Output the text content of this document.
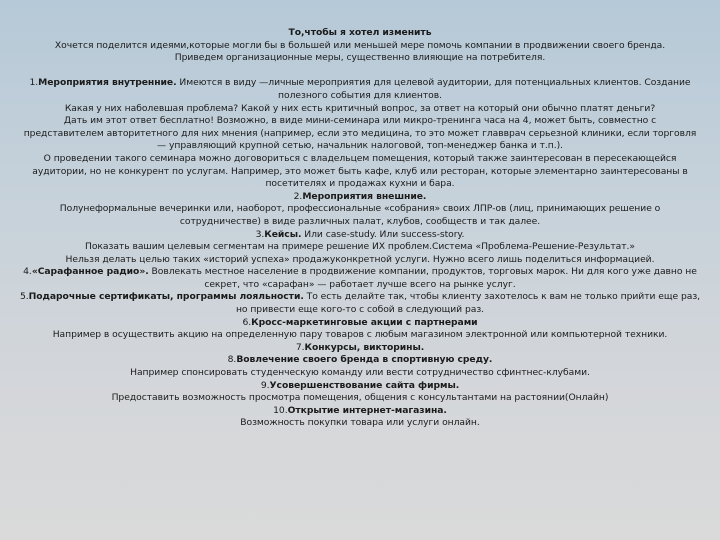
То,чтобы я хотел изменить
Хочется поделится идеями,которые могли бы в большей или меньшей мере помочь компании в продвижении своего бренда.
Приведем организационные меры, существенно влияющие на потребителя.
1.Мероприятия внутренние. Имеются в виду —личные мероприятия для целевой аудитории, для потенциальных клиентов. Создание
полезного события для клиентов.
Какая у них наболевшая проблема? Какой у них есть критичный вопрос, за ответ на который они обычно платят деньги?
Дать им этот ответ бесплатно! Возможно, в виде мини-семинара или микро-тренинга часа на 4, может быть, совместно с
представителем авторитетного для них мнения (например, если это медицина, то это может главврач серьезной клиники, если торговля
— управляющий крупной сетью, начальник налоговой, топ-менеджер банка и т.п.).
О проведении такого семинара можно договориться с владельцем помещения, который также заинтересован в пересекающейся
аудитории, но не конкурент по услугам. Например, это может быть кафе, клуб или ресторан, которые элементарно заинтересованы в
посетителях и продажах кухни и бара.
2.Мероприятия внешние.
Полунеформальные вечеринки или, наоборот, профессиональные «собрания» своих ЛПР-ов (лиц, принимающих решение о
сотрудничестве) в виде различных палат, клубов, сообществ и так далее.
3.Кейсы. Или case-study. Или success-story.
Показать вашим целевым сегментам на примере решение ИХ проблем.Система «Проблема-Решение-Результат.»
Нельзя делать целью таких «историй успеха» продажуконкретной услуги. Нужно всего лишь поделиться информацией.
4.«Сарафанное радио». Вовлекать местное население в продвижение компании, продуктов, торговых марок. Ни для кого уже давно не
секрет, что «сарафан» — работает лучше всего на рынке услуг.
5.Подарочные сертификаты, программы лояльности. То есть делайте так, чтобы клиенту захотелось к вам не только прийти еще раз,
но привести еще кого-то с собой в следующий раз.
6.Кросс-маркетинговые акции с партнерами
Например в осуществить акцию на определенную пару товаров с любым магазином электронной или компьютерной техники.
7.Конкурсы, викторины.
8.Вовлечение своего бренда в спортивную среду.
Например спонсировать студенческую команду или вести сотрудничество сфинтнес-клубами.
9.Усовершенствование сайта фирмы.
Предоставить возможность просмотра помещения, общения с консультантами на растоянии(Онлайн)
10.Открытие интернет-магазина.
Возможность покупки товара или услуги онлайн.
